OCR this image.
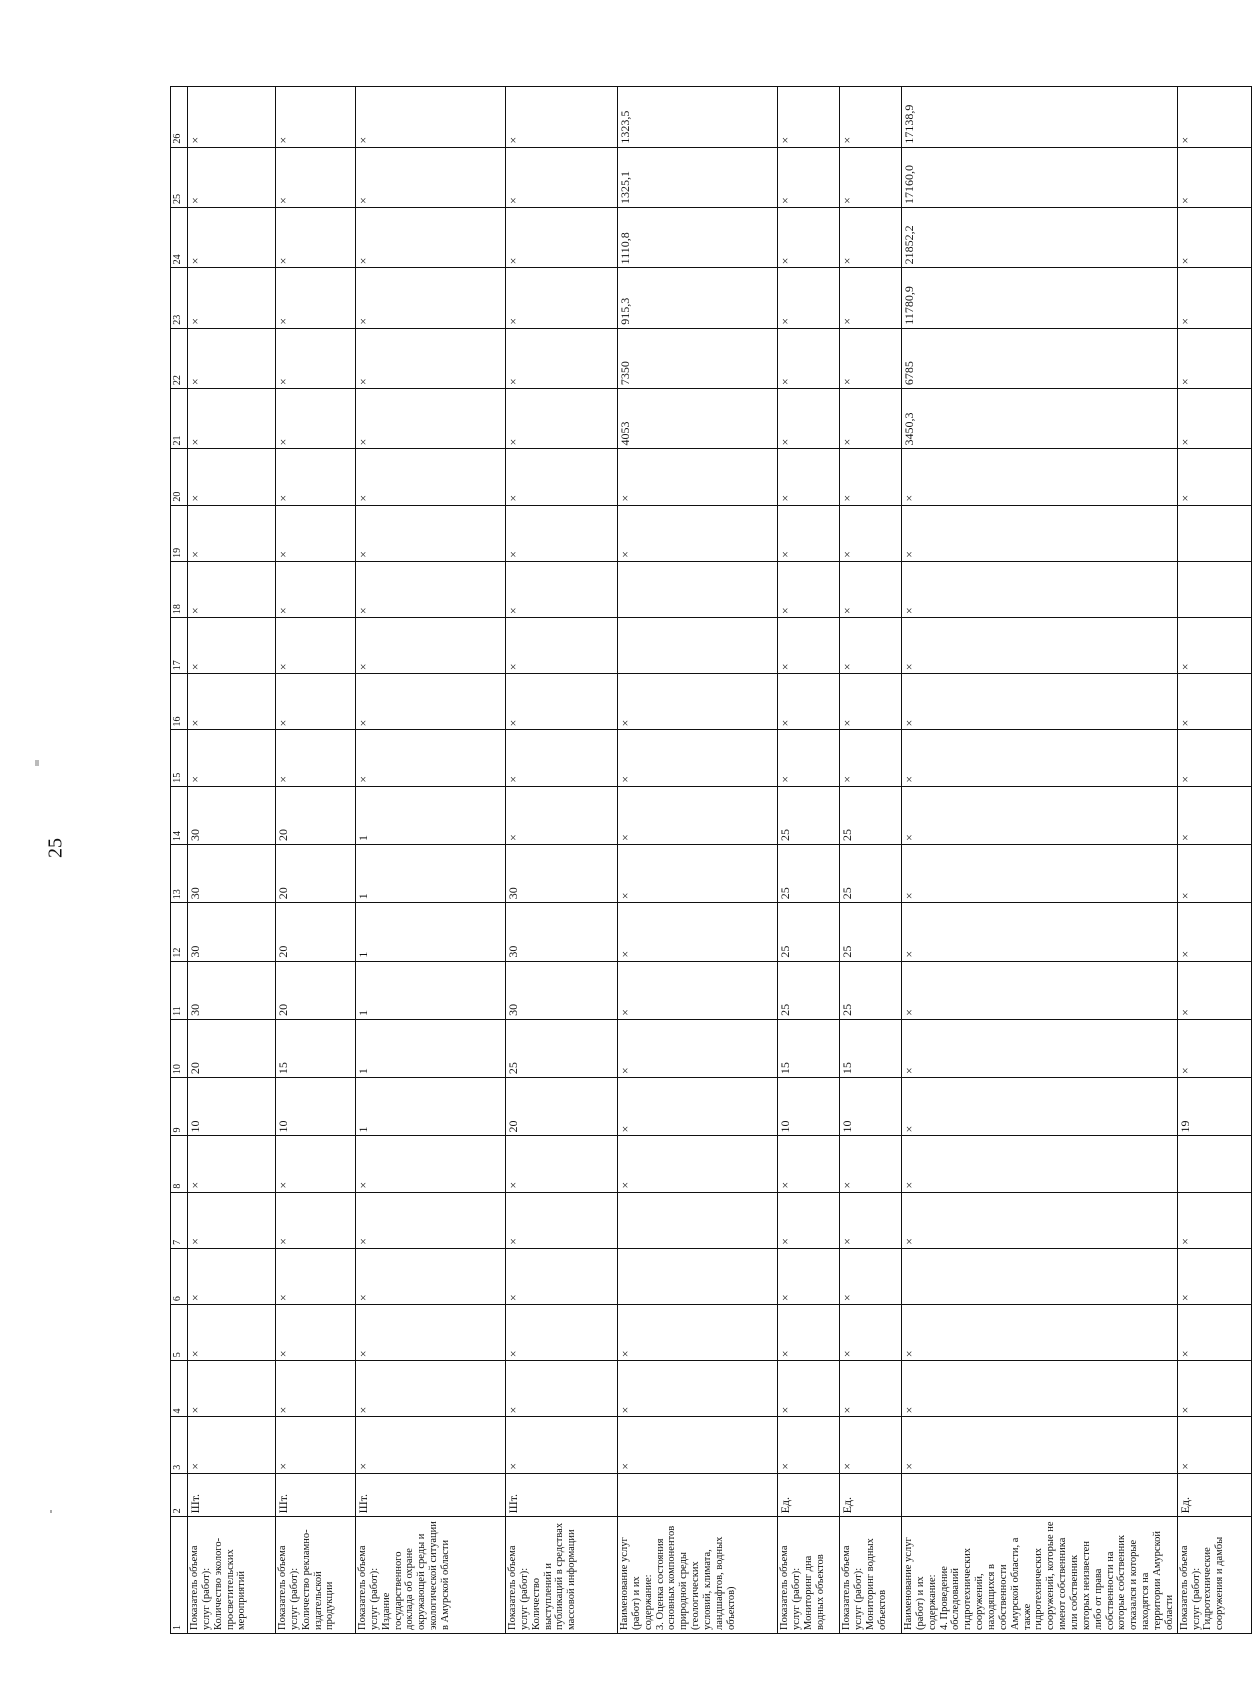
25
1	2	3	4	5	6	7	8	9	10	11	12	13	14	15	16	17	18	19	20	21	22	23	24	25	26
Показатель объема услуг (работ):
Количество эколого-просветительских мероприятий	Шт.	×	×	×	×	×	×	10	20	30	30	30	30	×	×	×	×	×	×	×	×	×	×	×	×
Показатель объема услуг (работ):
Количество рекламно-издательской продукции	Шт.	×	×	×	×	×	×	10	15	20	20	20	20	×	×	×	×	×	×	×	×	×	×	×	×
Показатель объема услуг (работ):
Издание государственного доклада об охране окружающей среды и экологической ситуации в Амурской области	Шт.	×	×	×	×	×	×	1	1	1	1	1	1	×	×	×	×	×	×	×	×	×	×	×	×
Показатель объема услуг (работ):
Количество выступлений и публикаций в средствах массовой информации	Шт.	×	×	×	×	×	×	20	25	30	30	30	×	×	×	×	×	×	×	×	×	×	×	×	×
Наименование услуг (работ) и их содержание:
3. Оценка состояния основных компонентов природной среды (геологических условий, климата, ландшафтов, водных объектов)		×	×	×			×	×	×	×	×	×	×	×	×			×	×	4053	7350	915,3	1110,8	1325,1	1323,5
Показатель объема услуг (работ):
Мониторинг дна водных объектов	Ед.	×	×	×	×	×	×	10	15	25	25	25	25	×	×	×	×	×	×	×	×	×	×	×	×
Показатель объема услуг (работ):
Мониторинг водных объектов	Ед.	×	×	×	×	×	×	10	15	25	25	25	25	×	×	×	×	×	×	×	×	×	×	×	×
Наименование услуг (работ) и их содержание:
4. Проведение обследований гидротехнических сооружений, находящихся в собственности Амурской области, а также гидротехнических сооружений, которые не имеют собственника или собственник которых неизвестен либо от права собственности на которые собственник отказался и которые находятся на территории Амурской области		×	×	×		×	×	×	×	×	×	×	×	×	×	×	×	×	×	3450,3	6785	11780,9	21852,2	17160,0	17138,9
Показатель объема услуг (работ):
Гидротехнические сооружения и дамбы	Ед.	×	×	×	×	×		19	×	×	×	×	×	×	×	×			×	×	×	×	×	×	×
